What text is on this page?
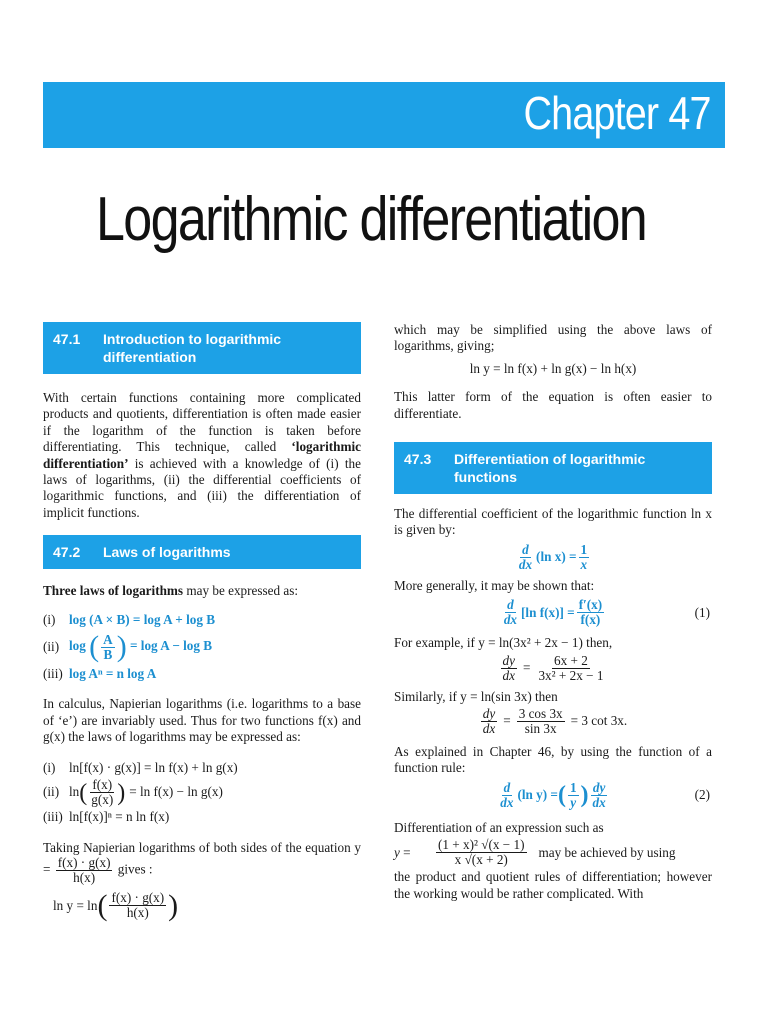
Chapter 47
Logarithmic differentiation
47.1	Introduction to logarithmic differentiation

With certain functions containing more complicated products and quotients, differentiation is often made easier if the logarithm of the function is taken before differentiating. This technique, called ‘logarithmic differentiation’ is achieved with a knowledge of (i) the laws of logarithms, (ii) the differential coefficients of logarithmic functions, and (iii) the differentiation of implicit functions.

47.2	Laws of logarithms

Three laws of logarithms may be expressed as:

(i)	log (A × B) = log A + log B
(ii) log ( $\frac{A}{B}$ ) = log A − log B
(iii) log Aⁿ = n log A

In calculus, Napierian logarithms (i.e. logarithms to a base of ‘e’) are invariably used. Thus for two functions f(x) and g(x) the laws of logarithms may be expressed as:

(i)	ln[f(x) · g(x)] = ln f(x) + ln g(x)
(ii) ln ( $\frac{f(x)}{g(x)}$ ) = ln f(x) − ln g(x)
(iii) ln[f(x)]ⁿ = n ln f(x)

Taking Napierian logarithms of both sides of the equation $y = \frac{f(x) \cdot g(x)}{h(x)}$ gives :

ln y = ln ( $\frac{f(x) \cdot g(x)}{h(x)}$ )

which may be simplified using the above laws of logarithms, giving;

ln y = ln f(x) + ln g(x) − ln h(x)

This latter form of the equation is often easier to differentiate.

47.3	Differentiation of logarithmic functions

The differential coefficient of the logarithmic function ln x is given by:

$\frac{d}{dx} (\ln$ $x) = \frac{1}{x}$

More generally, it may be shown that:

$\frac{d}{dx} [\ln$ $f(x)] = \frac{f'(x)}{f(x)}$	(1)

For example, if y = ln(3x² + 2x − 1) then,

$\frac{dy}{dx} = \frac{6x + 2}{\text{3x² + 2x − 1}}$

Similarly, if y = ln(sin 3x) then

$\frac{dy}{dx} = \frac{3 \cos 3x}{\sin 3x} = 3$ cot 3x.

As explained in Chapter 46, by using the function of a function rule:

$\frac{d}{dx} (\ln$ y) = ( $\frac{1}{y}$ ) $\frac{dy}{dx}$	(2)

Differentiation of an expression such as

y =	$\frac{\text{(1 + x)² √(x − 1)}}{x √(x + 2)}$ may be achieved by using

the product and quotient rules of differentiation; however the working would be rather complicated. With
